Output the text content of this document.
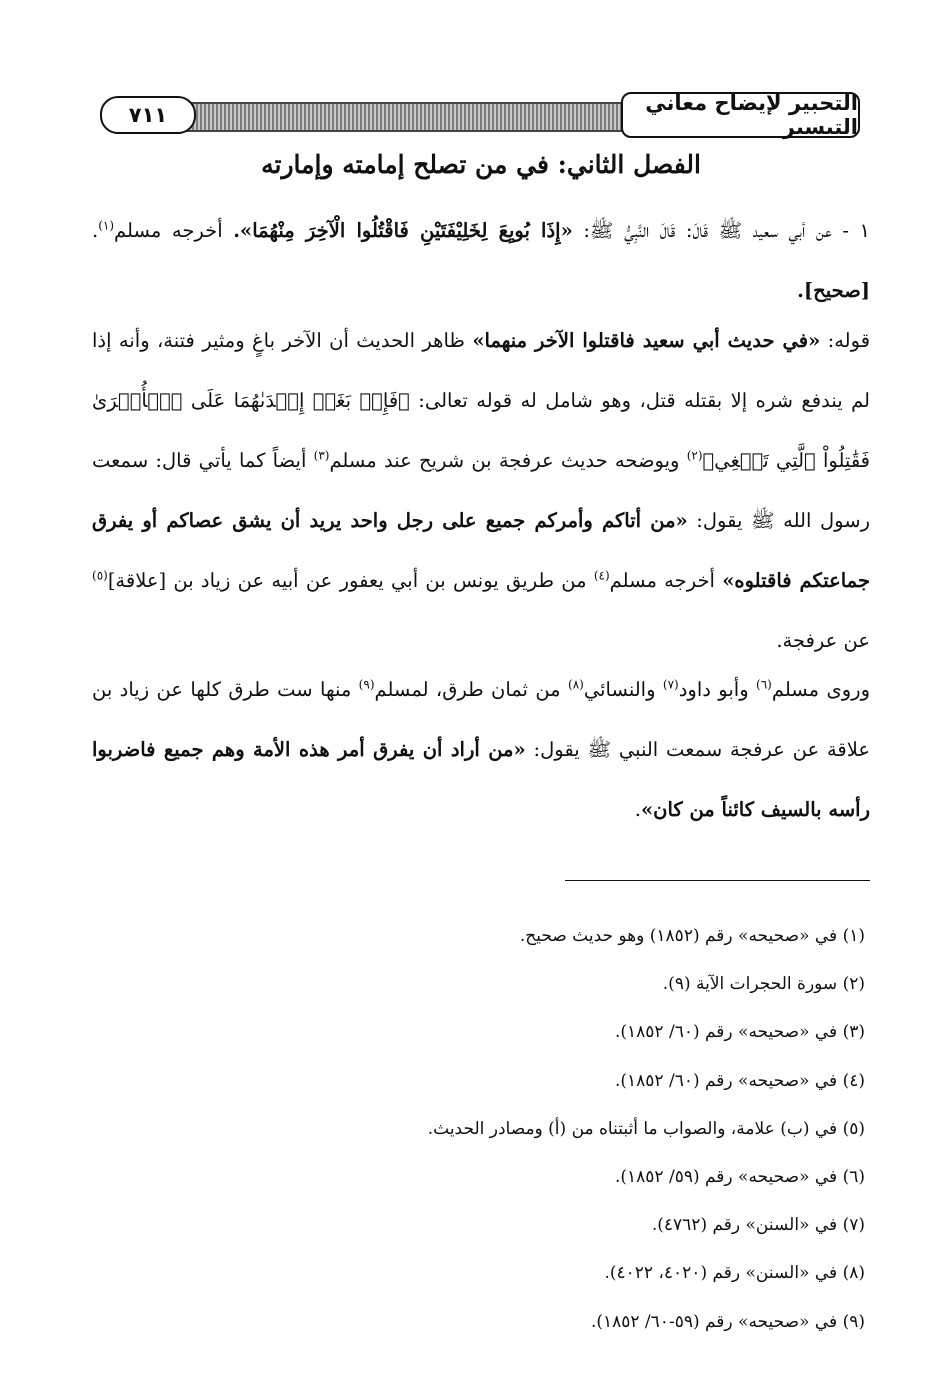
التحبير لإيضاح معاني التيسير
٧١١
الفصل الثاني: في من تصلح إمامته وإمارته

١ - عن أبي سعيد ﷺ قَالَ: قَالَ النَّبِيُّ ﷺ: «إِذَا بُويِعَ لِخَلِيْفَتَيْنِ فَاقْتُلُوا الْآخِرَ مِنْهُمَا». أخرجه مسلم$^{(١)}$. [صحيح].

قوله: «في حديث أبي سعيد فاقتلوا الآخر منهما» ظاهر الحديث أن الآخر باغٍ ومثير فتنة، وأنه إذا لم يندفع شره إلا بقتله قتل، وهو شامل له قوله تعالى: ﴿فَإِنۢ بَغَتۡ إِحۡدَىٰهُمَا عَلَى ٱلۡأُخۡرَىٰ فَقَٰتِلُواْ ٱلَّتِي تَبۡغِي﴾$^{(٢)}$ ويوضحه حديث عرفجة بن شريح عند مسلم$^{(٣)}$ أيضاً كما يأتي قال: سمعت رسول الله ﷺ يقول: «من أتاكم وأمركم جميع على رجل واحد يريد أن يشق عصاكم أو يفرق جماعتكم فاقتلوه» أخرجه مسلم$^{(٤)}$ من طريق يونس بن أبي يعفور عن أبيه عن زياد بن [علاقة]$^{(٥)}$ عن عرفجة.

وروى مسلم$^{(٦)}$ وأبو داود$^{(٧)}$ والنسائي$^{(٨)}$ من ثمان طرق، لمسلم$^{(٩)}$ منها ست طرق كلها عن زياد بن علاقة عن عرفجة سمعت النبي ﷺ يقول: «من أراد أن يفرق أمر هذه الأمة وهم جميع فاضربوا رأسه بالسيف كائناً من كان».

(١) في «صحيحه» رقم (١٨٥٢) وهو حديث صحيح.
(٢) سورة الحجرات الآية (٩).
(٣) في «صحيحه» رقم (٦٠/ ١٨٥٢).
(٤) في «صحيحه» رقم (٦٠/ ١٨٥٢).
(٥) في (ب) علامة، والصواب ما أثبتناه من (أ) ومصادر الحديث.
(٦) في «صحيحه» رقم (٥٩/ ١٨٥٢).
(٧) في «السنن» رقم (٤٧٦٢).
(٨) في «السنن» رقم (٤٠٢٠، ٤٠٢٢).
(٩) في «صحيحه» رقم (٥٩-٦٠/ ١٨٥٢).
